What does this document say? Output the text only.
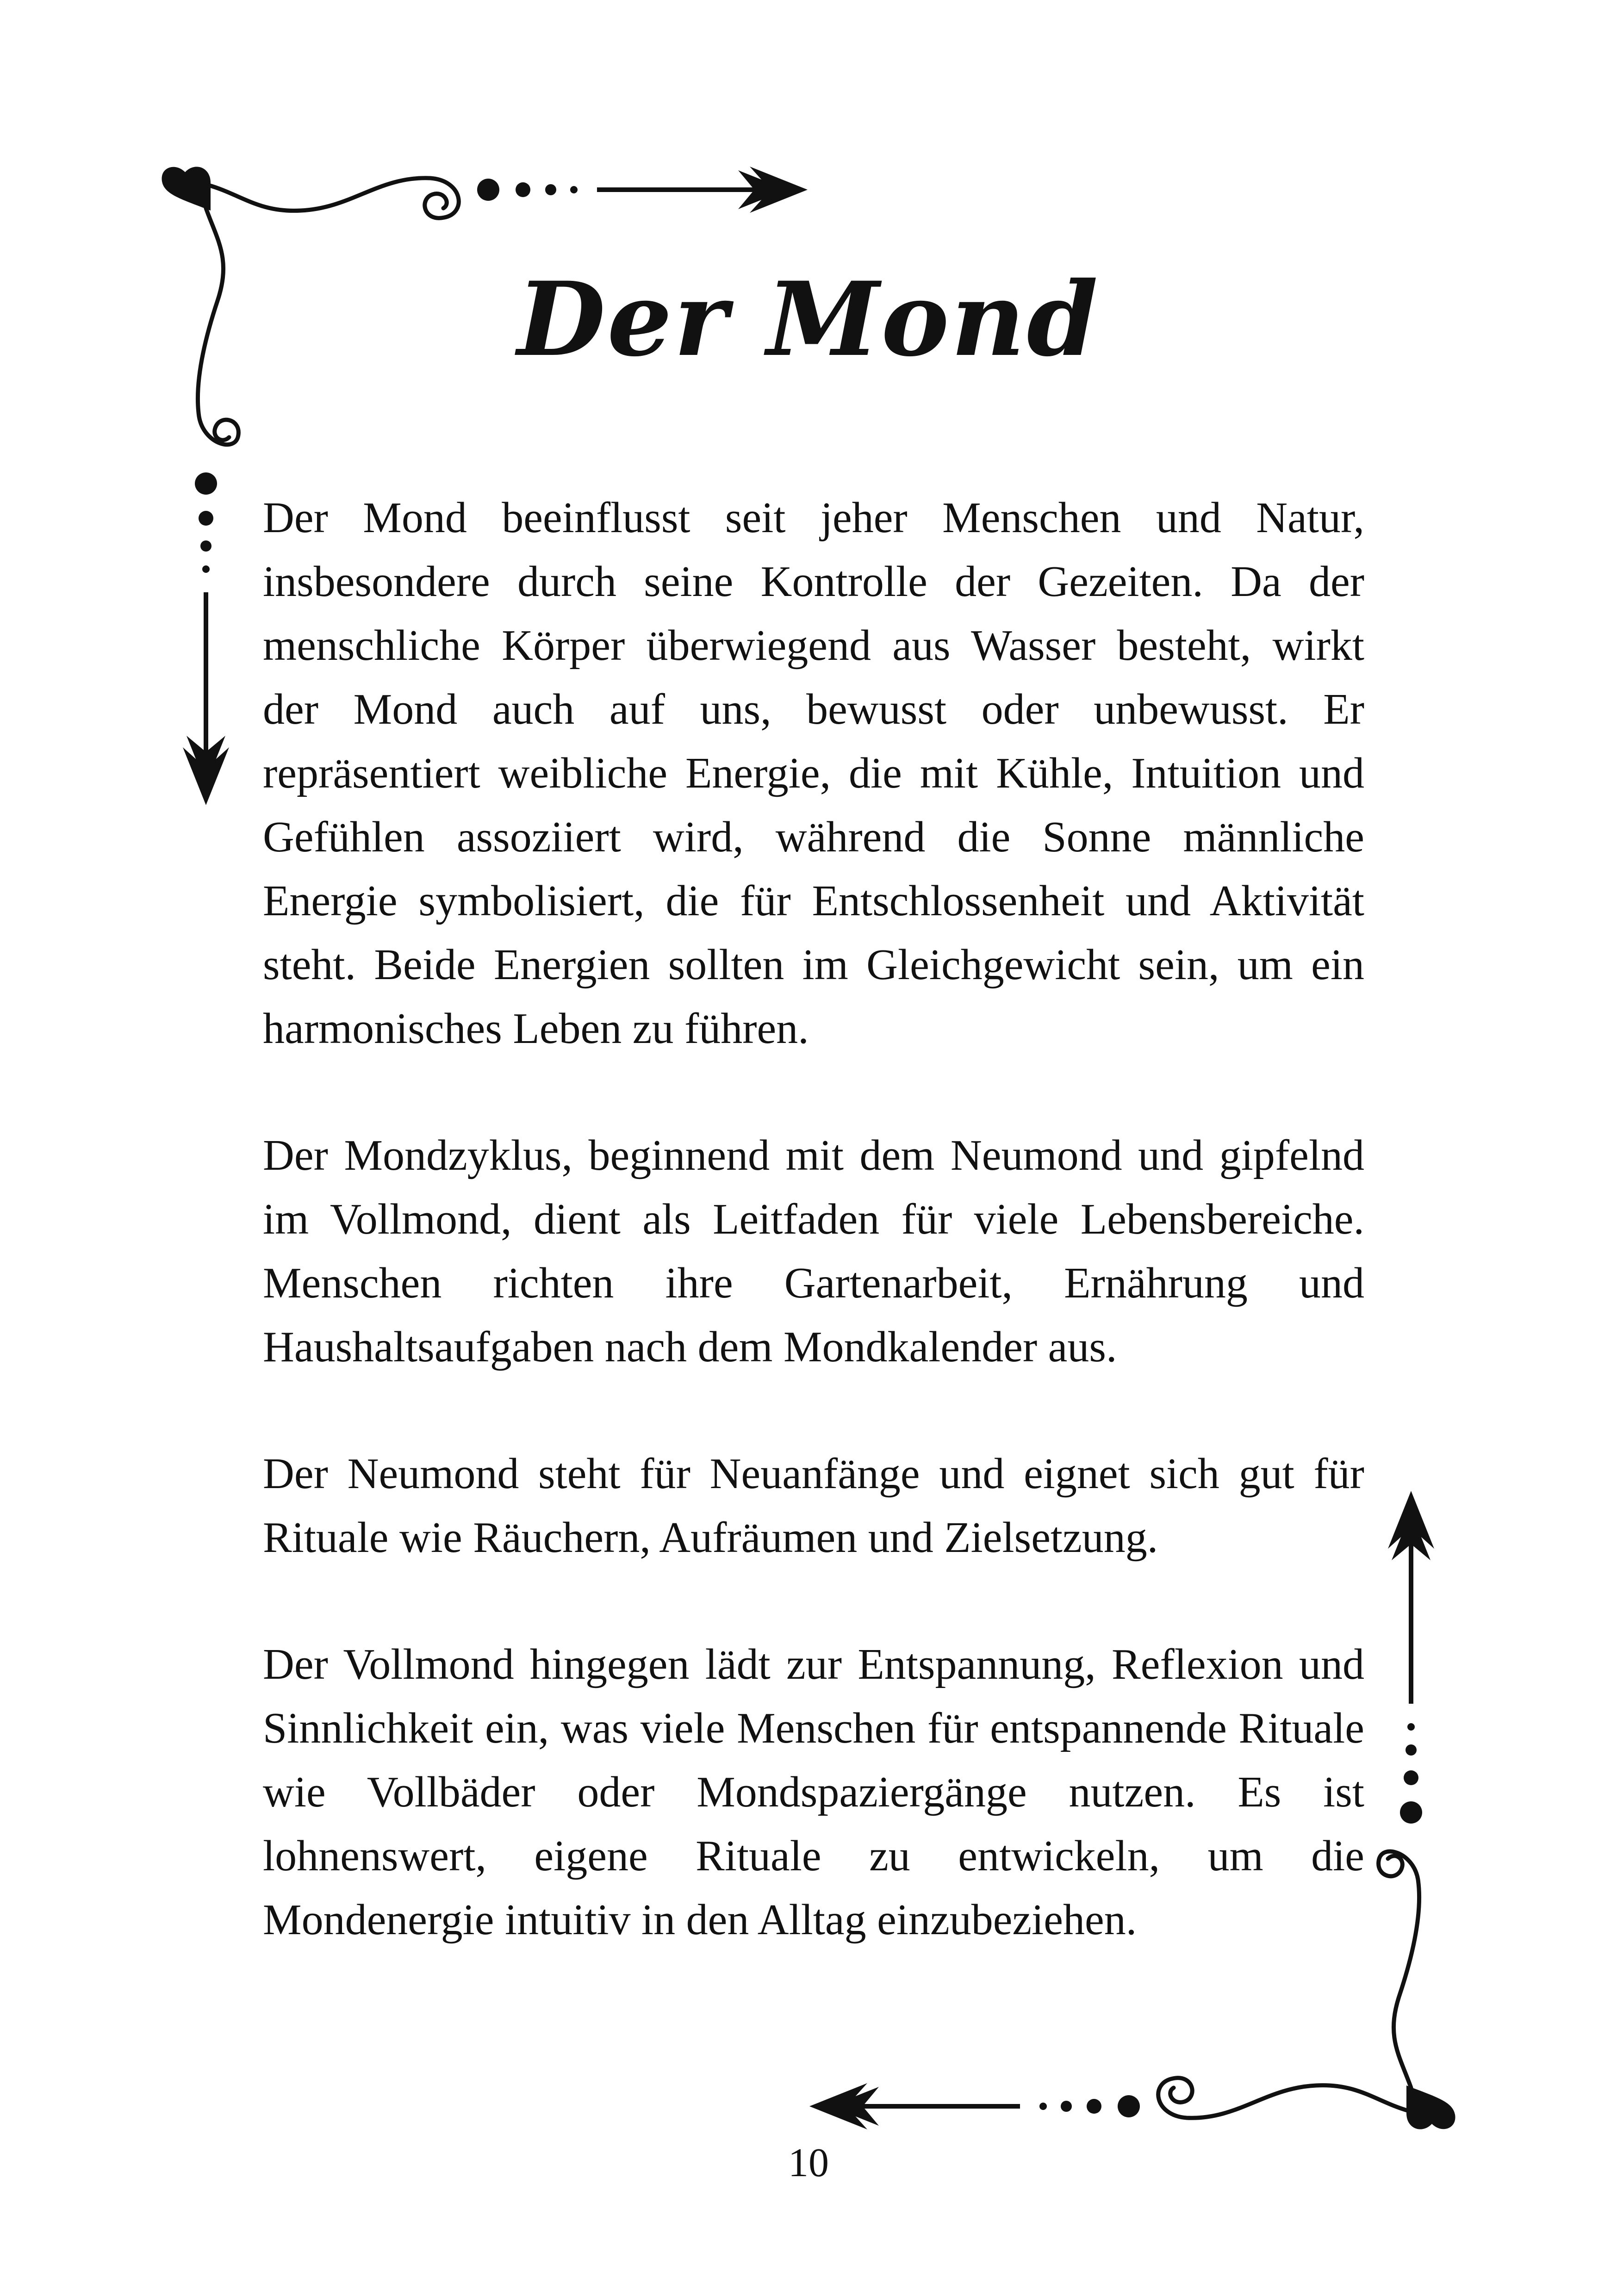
Der Mond

Der Mond beeinflusst seit jeher Menschen und Natur, insbesondere durch seine Kontrolle der Gezeiten. Da der menschliche Körper überwiegend aus Wasser besteht, wirkt der Mond auch auf uns, bewusst oder unbewusst. Er repräsentiert weibliche Energie, die mit Kühle, Intuition und Gefühlen assoziiert wird, während die Sonne männliche Energie symbolisiert, die für Entschlossenheit und Aktivität steht. Beide Energien sollten im Gleichgewicht sein, um ein harmonisches Leben zu führen.

Der Mondzyklus, beginnend mit dem Neumond und gipfelnd im Vollmond, dient als Leitfaden für viele Lebensbereiche. Menschen richten ihre Gartenarbeit, Ernährung und Haushaltsaufgaben nach dem Mondkalender aus.

Der Neumond steht für Neuanfänge und eignet sich gut für Rituale wie Räuchern, Aufräumen und Zielsetzung.

Der Vollmond hingegen lädt zur Entspannung, Reflexion und Sinnlichkeit ein, was viele Menschen für entspannende Rituale wie Vollbäder oder Mondspaziergänge nutzen. Es ist lohnenswert, eigene Rituale zu entwickeln, um die Mondenergie intuitiv in den Alltag einzubeziehen.

10
